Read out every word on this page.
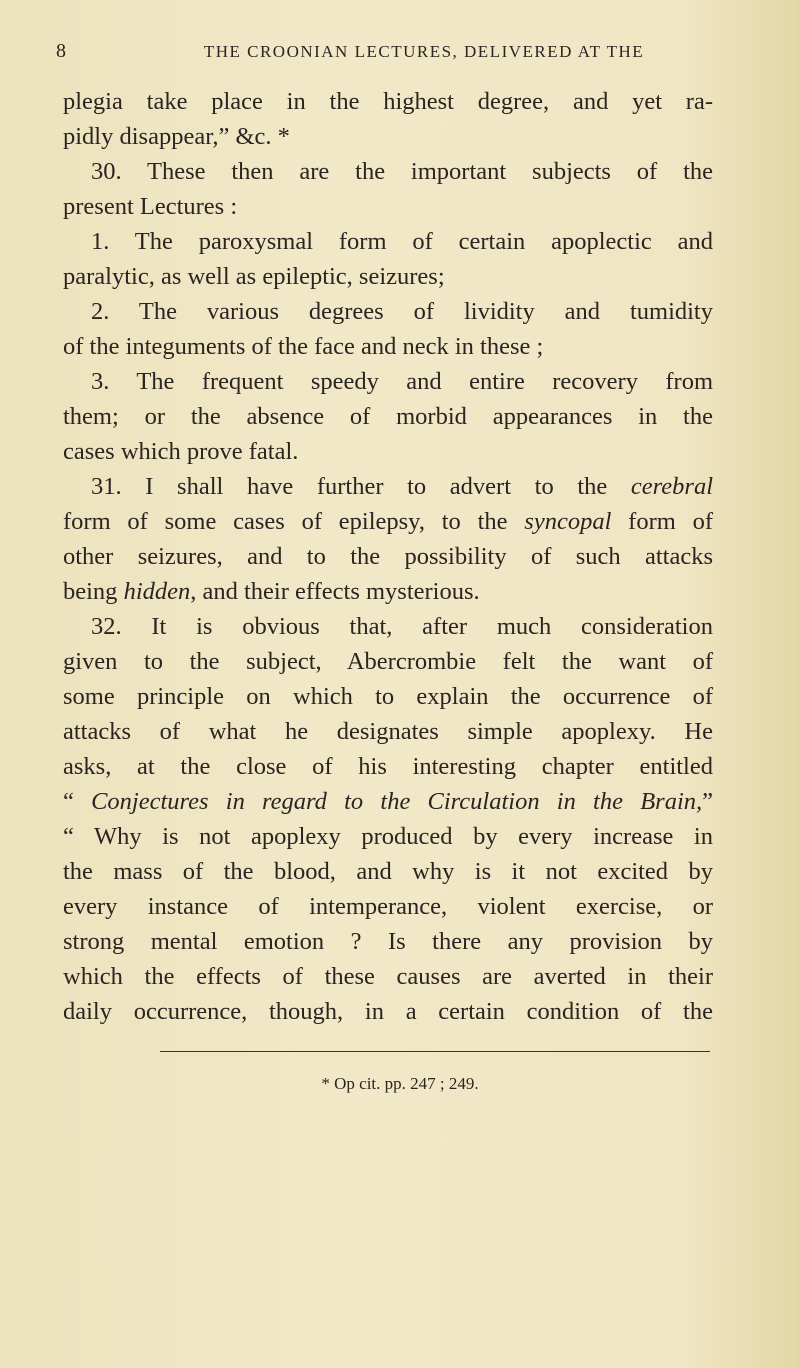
8	THE CROONIAN LECTURES, DELIVERED AT THE
plegia take place in the highest degree, and yet ra-
pidly disappear,” &c. *
30. These then are the important subjects of the
present Lectures :
1. The paroxysmal form of certain apoplectic and
paralytic, as well as epileptic, seizures;
2. The various degrees of lividity and tumidity
of the integuments of the face and neck in these ;
3. The frequent speedy and entire recovery from
them; or the absence of morbid appearances in the
cases which prove fatal.
31. I shall have further to advert to the cerebral
form of some cases of epilepsy, to the syncopal form of
other seizures, and to the possibility of such attacks
being hidden, and their effects mysterious.
32. It is obvious that, after much consideration
given to the subject, Abercrombie felt the want of
some principle on which to explain the occurrence of
attacks of what he designates simple apoplexy. He
asks, at the close of his interesting chapter entitled
“ Conjectures in regard to the Circulation in the Brain,”
“ Why is not apoplexy produced by every increase in
the mass of the blood, and why is it not excited by
every instance of intemperance, violent exercise, or
strong mental emotion ? Is there any provision by
which the effects of these causes are averted in their
daily occurrence, though, in a certain condition of the
* Op cit. pp. 247 ; 249.
